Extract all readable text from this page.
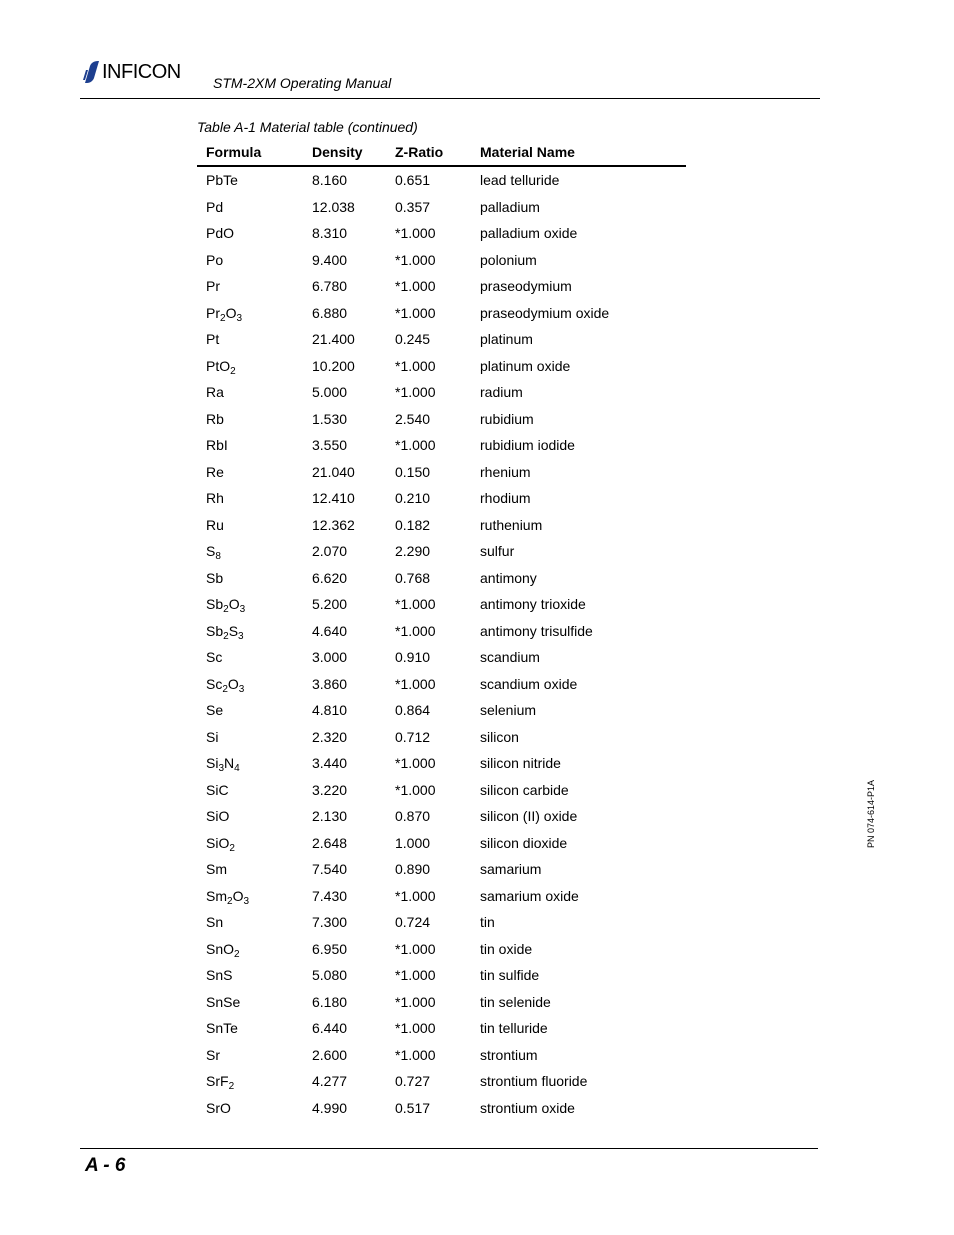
INFICON STM-2XM Operating Manual
Table A-1 Material table (continued)
Formula	Density Z-Ratio	Material Name
PbTe	8.160	0.651	lead telluride
Pd	12.038	0.357	palladium
PdO	8.310	*1.000	palladium oxide
Po	9.400	*1.000	polonium
Pr	6.780	*1.000	praseodymium
$Pr_2O_3$	6.880	*1.000	praseodymium oxide
Pt	21.400	0.245	platinum
PtO$_2$	10.200	*1.000	platinum oxide
Ra	5.000	*1.000	radium
Rb	1.530	2.540	rubidium
RbI	3.550	*1.000	rubidium iodide
Re	21.040	0.150	rhenium
Rh	12.410	0.210	rhodium
Ru	12.362	0.182	ruthenium
$S_8$	2.070	2.290	sulfur
Sb	6.620	0.768	antimony
$Sb_2O_3$	5.200	*1.000	antimony trioxide
$Sb_2S_3$	4.640	*1.000	antimony trisulfide
Sc	3.000	0.910	scandium
$Sc_2O_3$	3.860	*1.000	scandium oxide
Se	4.810	0.864	selenium
Si	2.320	0.712	silicon
$Si_3N_4$	3.440	*1.000	silicon nitride
SiC	3.220	*1.000	silicon carbide
SiO	2.130	0.870	silicon (II) oxide
SiO$_2$	2.648	1.000	silicon dioxide
Sm	7.540	0.890	samarium
$Sm_2O_3$	7.430	*1.000	samarium oxide
Sn	7.300	0.724	tin
SnO$_2$	6.950	*1.000	tin oxide
SnS	5.080	*1.000	tin sulfide
SnSe	6.180	*1.000	tin selenide
SnTe	6.440	*1.000	tin telluride
Sr	2.600	*1.000	strontium
SrF$_2$	4.277	0.727	strontium fluoride
SrO	4.990	0.517	strontium oxide
PN 074-614-P1A
A - 6
